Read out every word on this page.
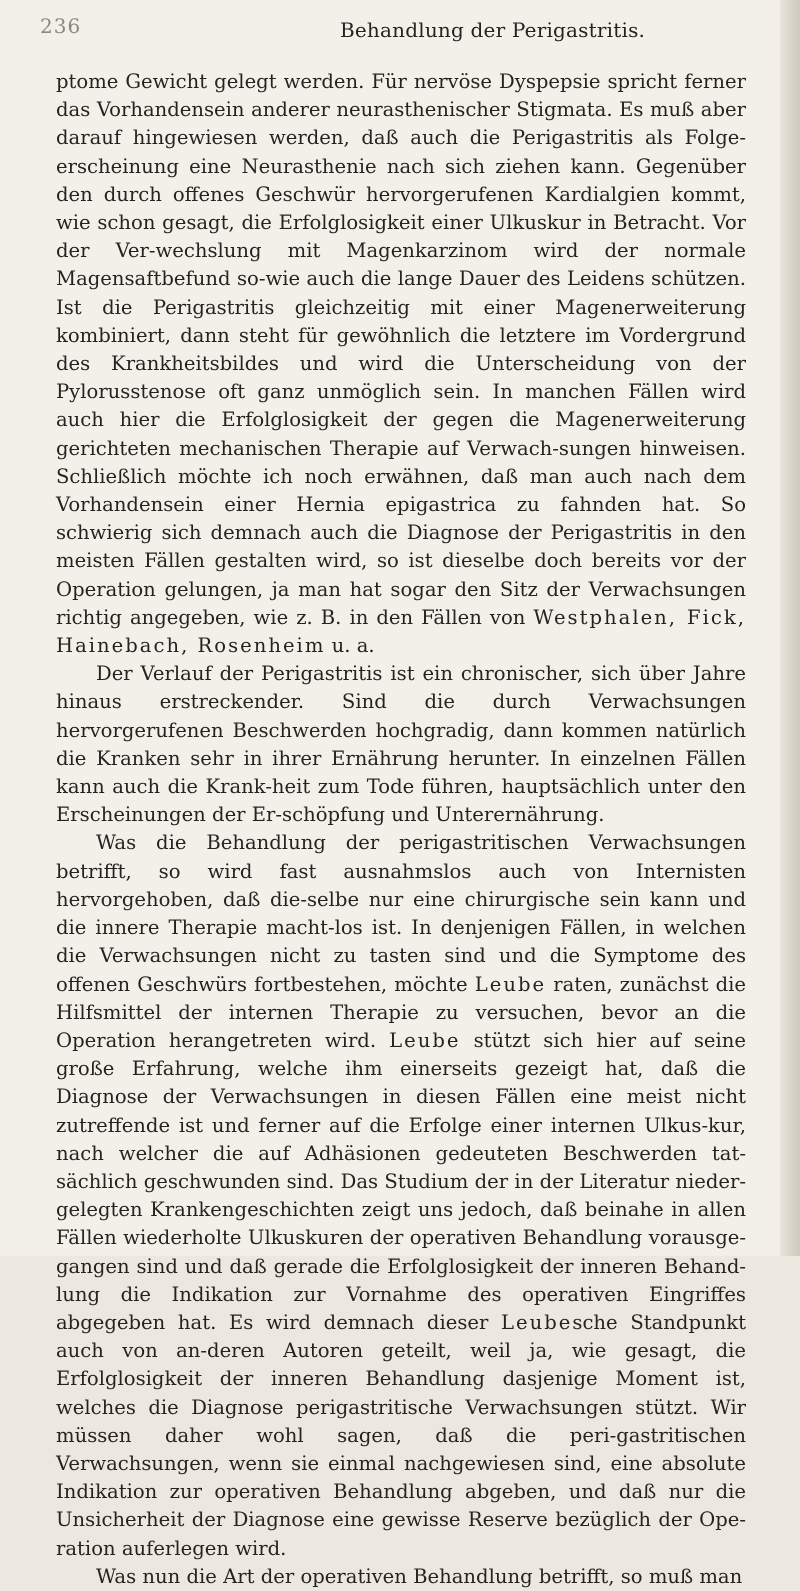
236	Behandlung der Perigastritis.

ptome Gewicht gelegt werden. Für nervöse Dyspepsie spricht ferner das Vorhandensein anderer neurasthenischer Stigmata. Es muß aber darauf hingewiesen werden, daß auch die Perigastritis als Folge-erscheinung eine Neurasthenie nach sich ziehen kann. Gegenüber den durch offenes Geschwür hervorgerufenen Kardialgien kommt, wie schon gesagt, die Erfolglosigkeit einer Ulkuskur in Betracht. Vor der Ver-wechslung mit Magenkarzinom wird der normale Magensaftbefund so-wie auch die lange Dauer des Leidens schützen. Ist die Perigastritis gleichzeitig mit einer Magenerweiterung kombiniert, dann steht für gewöhnlich die letztere im Vordergrund des Krankheitsbildes und wird die Unterscheidung von der Pylorusstenose oft ganz unmöglich sein. In manchen Fällen wird auch hier die Erfolglosigkeit der gegen die Magenerweiterung gerichteten mechanischen Therapie auf Verwach-sungen hinweisen. Schließlich möchte ich noch erwähnen, daß man auch nach dem Vorhandensein einer Hernia epigastrica zu fahnden hat. So schwierig sich demnach auch die Diagnose der Perigastritis in den meisten Fällen gestalten wird, so ist dieselbe doch bereits vor der Operation gelungen, ja man hat sogar den Sitz der Verwachsungen richtig angegeben, wie z. B. in den Fällen von Westphalen, Fick, Hainebach, Rosenheim u. a.

Der Verlauf der Perigastritis ist ein chronischer, sich über Jahre hinaus erstreckender. Sind die durch Verwachsungen hervorgerufenen Beschwerden hochgradig, dann kommen natürlich die Kranken sehr in ihrer Ernährung herunter. In einzelnen Fällen kann auch die Krank-heit zum Tode führen, hauptsächlich unter den Erscheinungen der Er-schöpfung und Unterernährung.

Was die Behandlung der perigastritischen Verwachsungen betrifft, so wird fast ausnahmslos auch von Internisten hervorgehoben, daß die-selbe nur eine chirurgische sein kann und die innere Therapie macht-los ist. In denjenigen Fällen, in welchen die Verwachsungen nicht zu tasten sind und die Symptome des offenen Geschwürs fortbestehen, möchte Leube raten, zunächst die Hilfsmittel der internen Therapie zu versuchen, bevor an die Operation herangetreten wird. Leube stützt sich hier auf seine große Erfahrung, welche ihm einerseits gezeigt hat, daß die Diagnose der Verwachsungen in diesen Fällen eine meist nicht zutreffende ist und ferner auf die Erfolge einer internen Ulkus-kur, nach welcher die auf Adhäsionen gedeuteten Beschwerden tat-sächlich geschwunden sind. Das Studium der in der Literatur nieder-gelegten Krankengeschichten zeigt uns jedoch, daß beinahe in allen Fällen wiederholte Ulkuskuren der operativen Behandlung vorausge-gangen sind und daß gerade die Erfolglosigkeit der inneren Behand-lung die Indikation zur Vornahme des operativen Eingriffes abgegeben hat. Es wird demnach dieser Leubesche Standpunkt auch von an-deren Autoren geteilt, weil ja, wie gesagt, die Erfolglosigkeit der inneren Behandlung dasjenige Moment ist, welches die Diagnose perigastritische Verwachsungen stützt. Wir müssen daher wohl sagen, daß die peri-gastritischen Verwachsungen, wenn sie einmal nachgewiesen sind, eine absolute Indikation zur operativen Behandlung abgeben, und daß nur die Unsicherheit der Diagnose eine gewisse Reserve bezüglich der Ope-ration auferlegen wird.

Was nun die Art der operativen Behandlung betrifft, so muß man
